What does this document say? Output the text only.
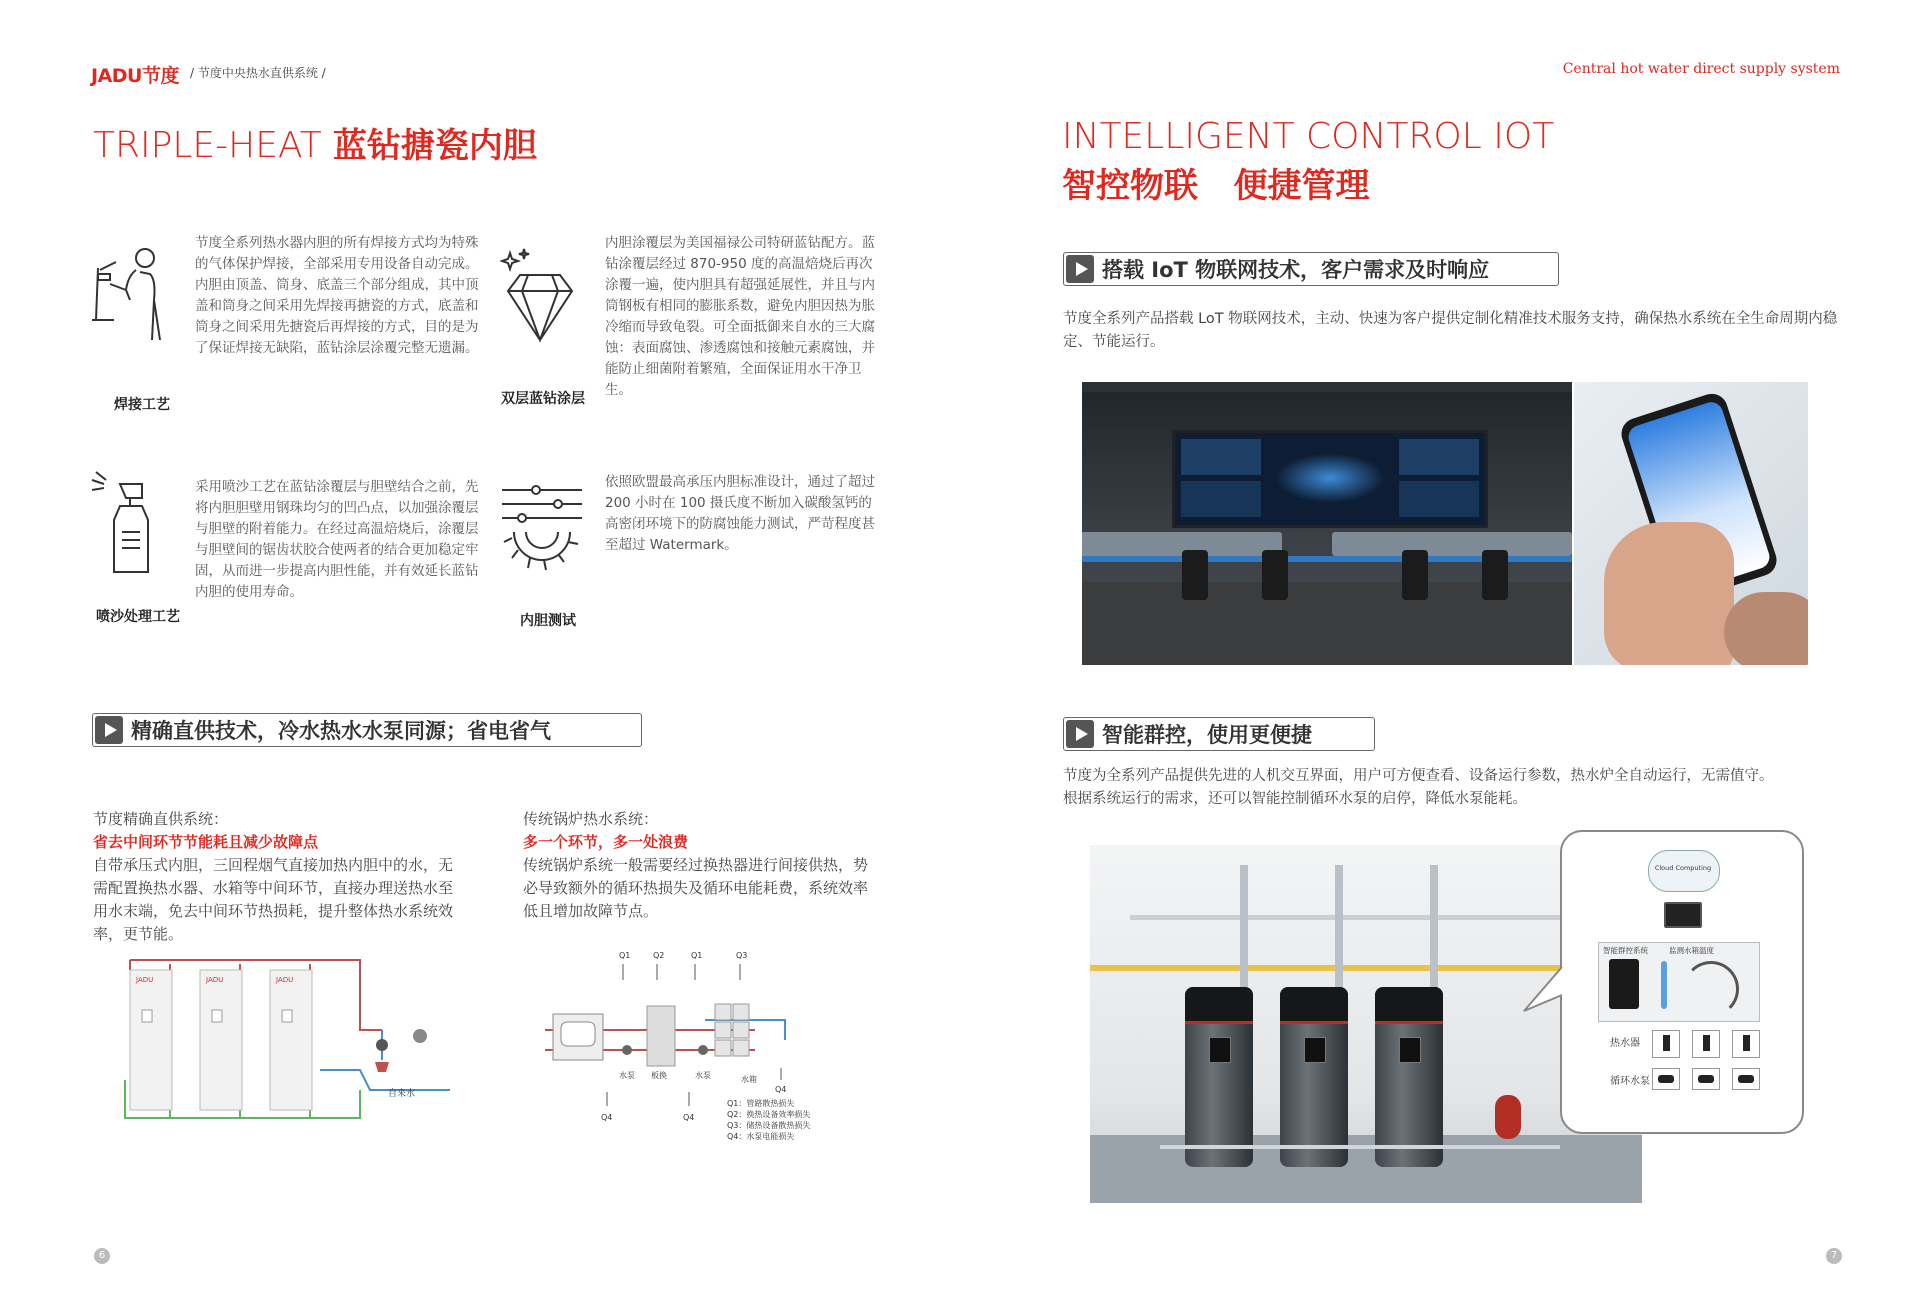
JADU节度 / 节度中央热水直供系统 /	Central hot water direct supply system
TRIPLE-HEAT 蓝钻搪瓷内胆
焊接工艺
节度全系列热水器内胆的所有焊接方式均为特殊的气体保护焊接，全部采用专用设备自动完成。内胆由顶盖、筒身、底盖三个部分组成，其中顶盖和筒身之间采用先焊接再搪瓷的方式，底盖和筒身之间采用先搪瓷后再焊接的方式，目的是为了保证焊接无缺陷，蓝钻涂层涂覆完整无遗漏。
双层蓝钻涂层
内胆涂覆层为美国福禄公司特研蓝钻配方。蓝钻涂覆层经过 870-950 度的高温焙烧后再次涂覆一遍，使内胆具有超强延展性，并且与内筒钢板有相同的膨胀系数，避免内胆因热为胀冷缩而导致龟裂。可全面抵御来自水的三大腐蚀：表面腐蚀、渗透腐蚀和接触元素腐蚀，并能防止细菌附着繁殖，全面保证用水干净卫生。
喷沙处理工艺
采用喷沙工艺在蓝钻涂覆层与胆壁结合之前，先将内胆胆壁用钢珠均匀的凹凸点，以加强涂覆层与胆壁的附着能力。在经过高温焙烧后，涂覆层与胆壁间的锯齿状胶合使两者的结合更加稳定牢固，从而进一步提高内胆性能，并有效延长蓝钻内胆的使用寿命。
内胆测试
依照欧盟最高承压内胆标准设计，通过了超过 200 小时在 100 摄氏度不断加入碳酸氢钙的高密闭环境下的防腐蚀能力测试，严苛程度甚至超过 Watermark。
精确直供技术，冷水热水水泵同源；省电省气
节度精确直供系统：
省去中间环节节能耗且减少故障点
自带承压式内胆，三回程烟气直接加热内胆中的水，无需配置换热水器、水箱等中间环节，直接办理送热水至用水末端，免去中间环节热损耗，提升整体热水系统效率，更节能。
传统锅炉热水系统：
多一个环节，多一处浪费
传统锅炉系统一般需要经过换热器进行间接供热，势必导致额外的循环热损失及循环电能耗费，系统效率低且增加故障节点。
JADU	JADU	JADU
自来水
Q1	Q2	Q1	Q3
水泵 板换	水泵	水箱
Q4
Q4	Q4
Q1：管路散热损失
Q2：换热设备效率损失
Q3：储热设备散热损失
Q4：水泵电能损失
6
INTELLIGENT CONTROL IOT
智控物联   便捷管理
搭载 IoT 物联网技术，客户需求及时响应
节度全系列产品搭载 LoT 物联网技术，主动、快速为客户提供定制化精准技术服务支持，确保热水系统在全生命周期内稳定、节能运行。
智能群控，使用更便捷
节度为全系列产品提供先进的人机交互界面，用户可方便查看、设备运行参数，热水炉全自动运行，无需值守。
根据系统运行的需求，还可以智能控制循环水泵的启停，降低水泵能耗。
Cloud Computing
智能群控系统	监测水箱温度
热水器
循环水泵
7
